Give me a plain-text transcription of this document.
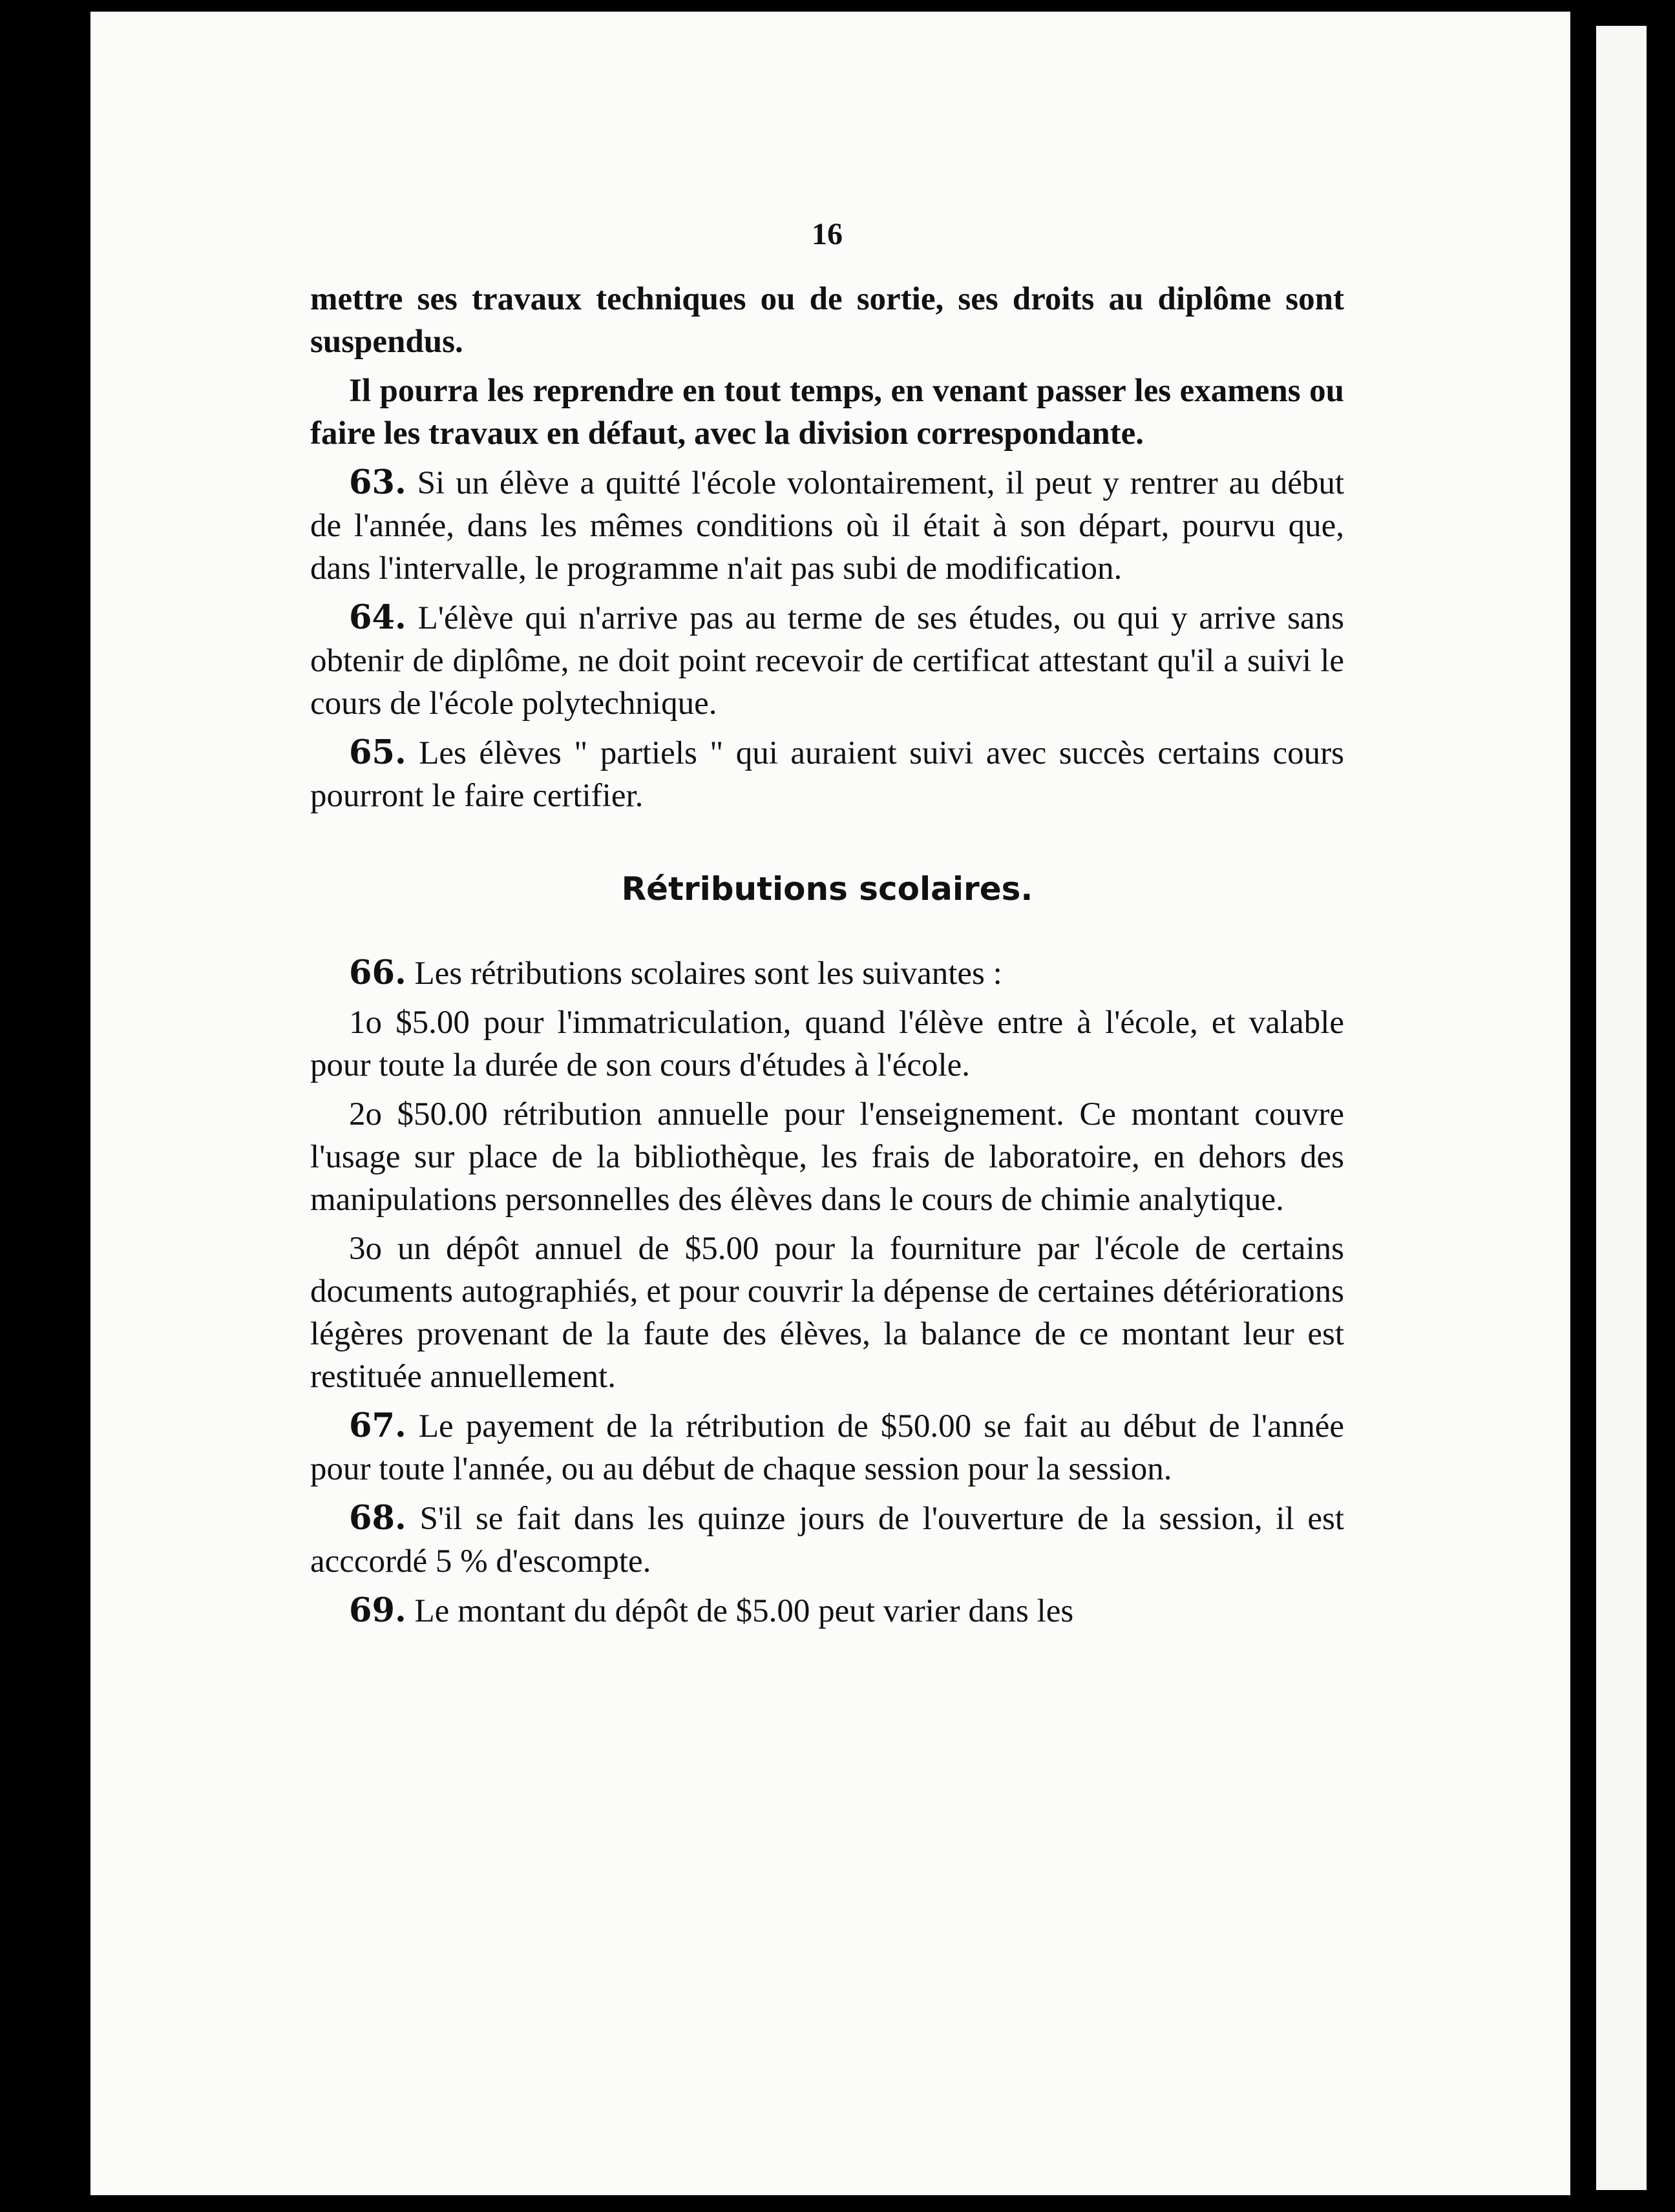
16

mettre ses travaux techniques ou de sortie, ses droits au diplôme sont suspendus.

Il pourra les reprendre en tout temps, en venant passer les examens ou faire les travaux en défaut, avec la division correspondante.

63. Si un élève a quitté l'école volontairement, il peut y rentrer au début de l'année, dans les mêmes conditions où il était à son départ, pourvu que, dans l'intervalle, le programme n'ait pas subi de modification.

64. L'élève qui n'arrive pas au terme de ses études, ou qui y arrive sans obtenir de diplôme, ne doit point recevoir de certificat attestant qu'il a suivi le cours de l'école polytechnique.

65. Les élèves " partiels " qui auraient suivi avec succès certains cours pourront le faire certifier.

Rétributions scolaires.

66. Les rétributions scolaires sont les suivantes :

1o $5.00 pour l'immatriculation, quand l'élève entre à l'école, et valable pour toute la durée de son cours d'études à l'école.

2o $50.00 rétribution annuelle pour l'enseignement. Ce montant couvre l'usage sur place de la bibliothèque, les frais de laboratoire, en dehors des manipulations personnelles des élèves dans le cours de chimie analytique.

3o un dépôt annuel de $5.00 pour la fourniture par l'école de certains documents autographiés, et pour couvrir la dépense de certaines détériorations légères provenant de la faute des élèves, la balance de ce montant leur est restituée annuellement.

67. Le payement de la rétribution de $50.00 se fait au début de l'année pour toute l'année, ou au début de chaque session pour la session.

68. S'il se fait dans les quinze jours de l'ouverture de la session, il est acccordé 5 % d'escompte.

69. Le montant du dépôt de $5.00 peut varier dans les
